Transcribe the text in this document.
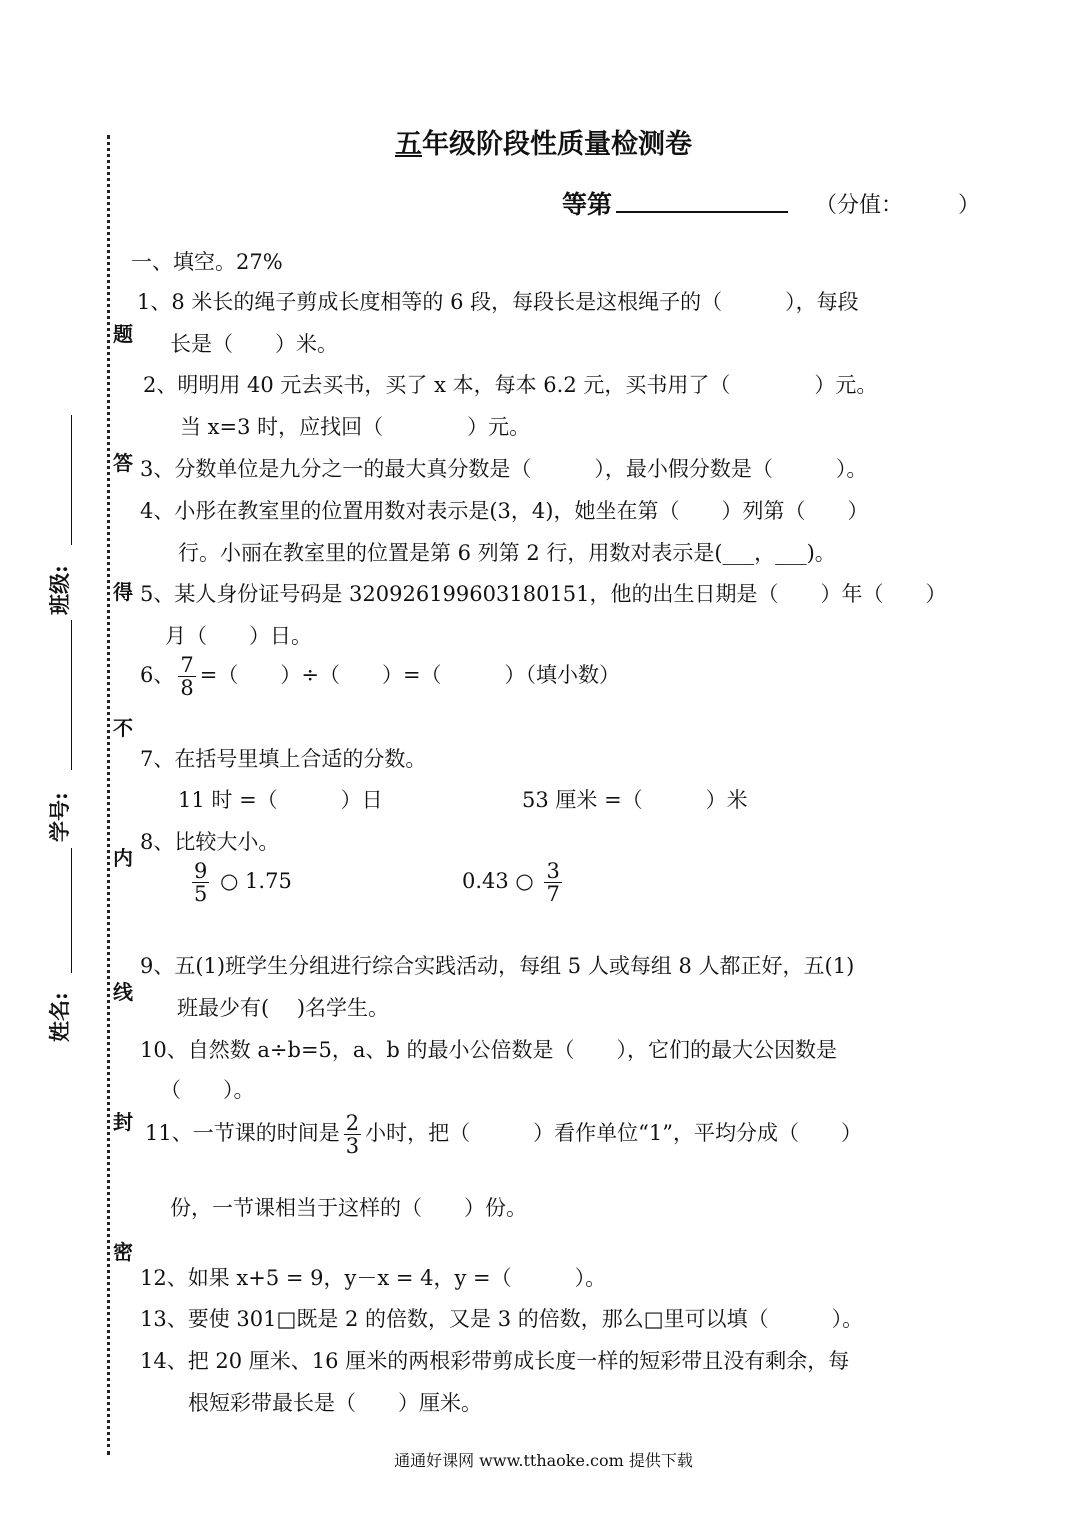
五年级阶段性质量检测卷
等第	（分值：　　　）
题
答
得
不
内
线
封
密
班级:
学号:
姓名:
一、填空。27%
1、8 米长的绳子剪成长度相等的 6 段，每段长是这根绳子的（　　　），每段
长是（　　）米。
2、明明用 40 元去买书，买了 x 本，每本 6.2 元，买书用了（　　　　）元。
当 x=3 时，应找回（　　　　）元。
3、分数单位是九分之一的最大真分数是（　　　），最小假分数是（　　　）。
4、小彤在教室里的位置用数对表示是(3，4)，她坐在第（　　）列第（　　）
行。小丽在教室里的位置是第 6 列第 2 行，用数对表示是(___，___)。
5、某人身份证号码是 320926199603180151，他的出生日期是（　　）年（　　）
月（　　）日。
6、 $\frac{7}{8}$ =（　　）÷（　　）=（　　　）（填小数）
7、在括号里填上合适的分数。
11 时 =（　　　）日	53 厘米 =（　　　）米
8、比较大小。
$\frac{9}{5}$ ○ 1.75	0.43 ○ $\frac{3}{7}$
9、五(1)班学生分组进行综合实践活动，每组 5 人或每组 8 人都正好，五(1)
班最少有(　 )名学生。
10、自然数 a÷b=5，a、b 的最小公倍数是（　　），它们的最大公因数是
（　　）。
11、一节课的时间是 $\frac{2}{3}$ 小时，把（　　　）看作单位“1”，平均分成（　　）
份，一节课相当于这样的（　　）份。
12、如果 x+5 = 9，y－x = 4，y =（　　　）。
13、要使 301□既是 2 的倍数，又是 3 的倍数，那么□里可以填（　　　）。
14、把 20 厘米、16 厘米的两根彩带剪成长度一样的短彩带且没有剩余，每
根短彩带最长是（　　）厘米。
通通好课网 www.tthaoke.com 提供下载
